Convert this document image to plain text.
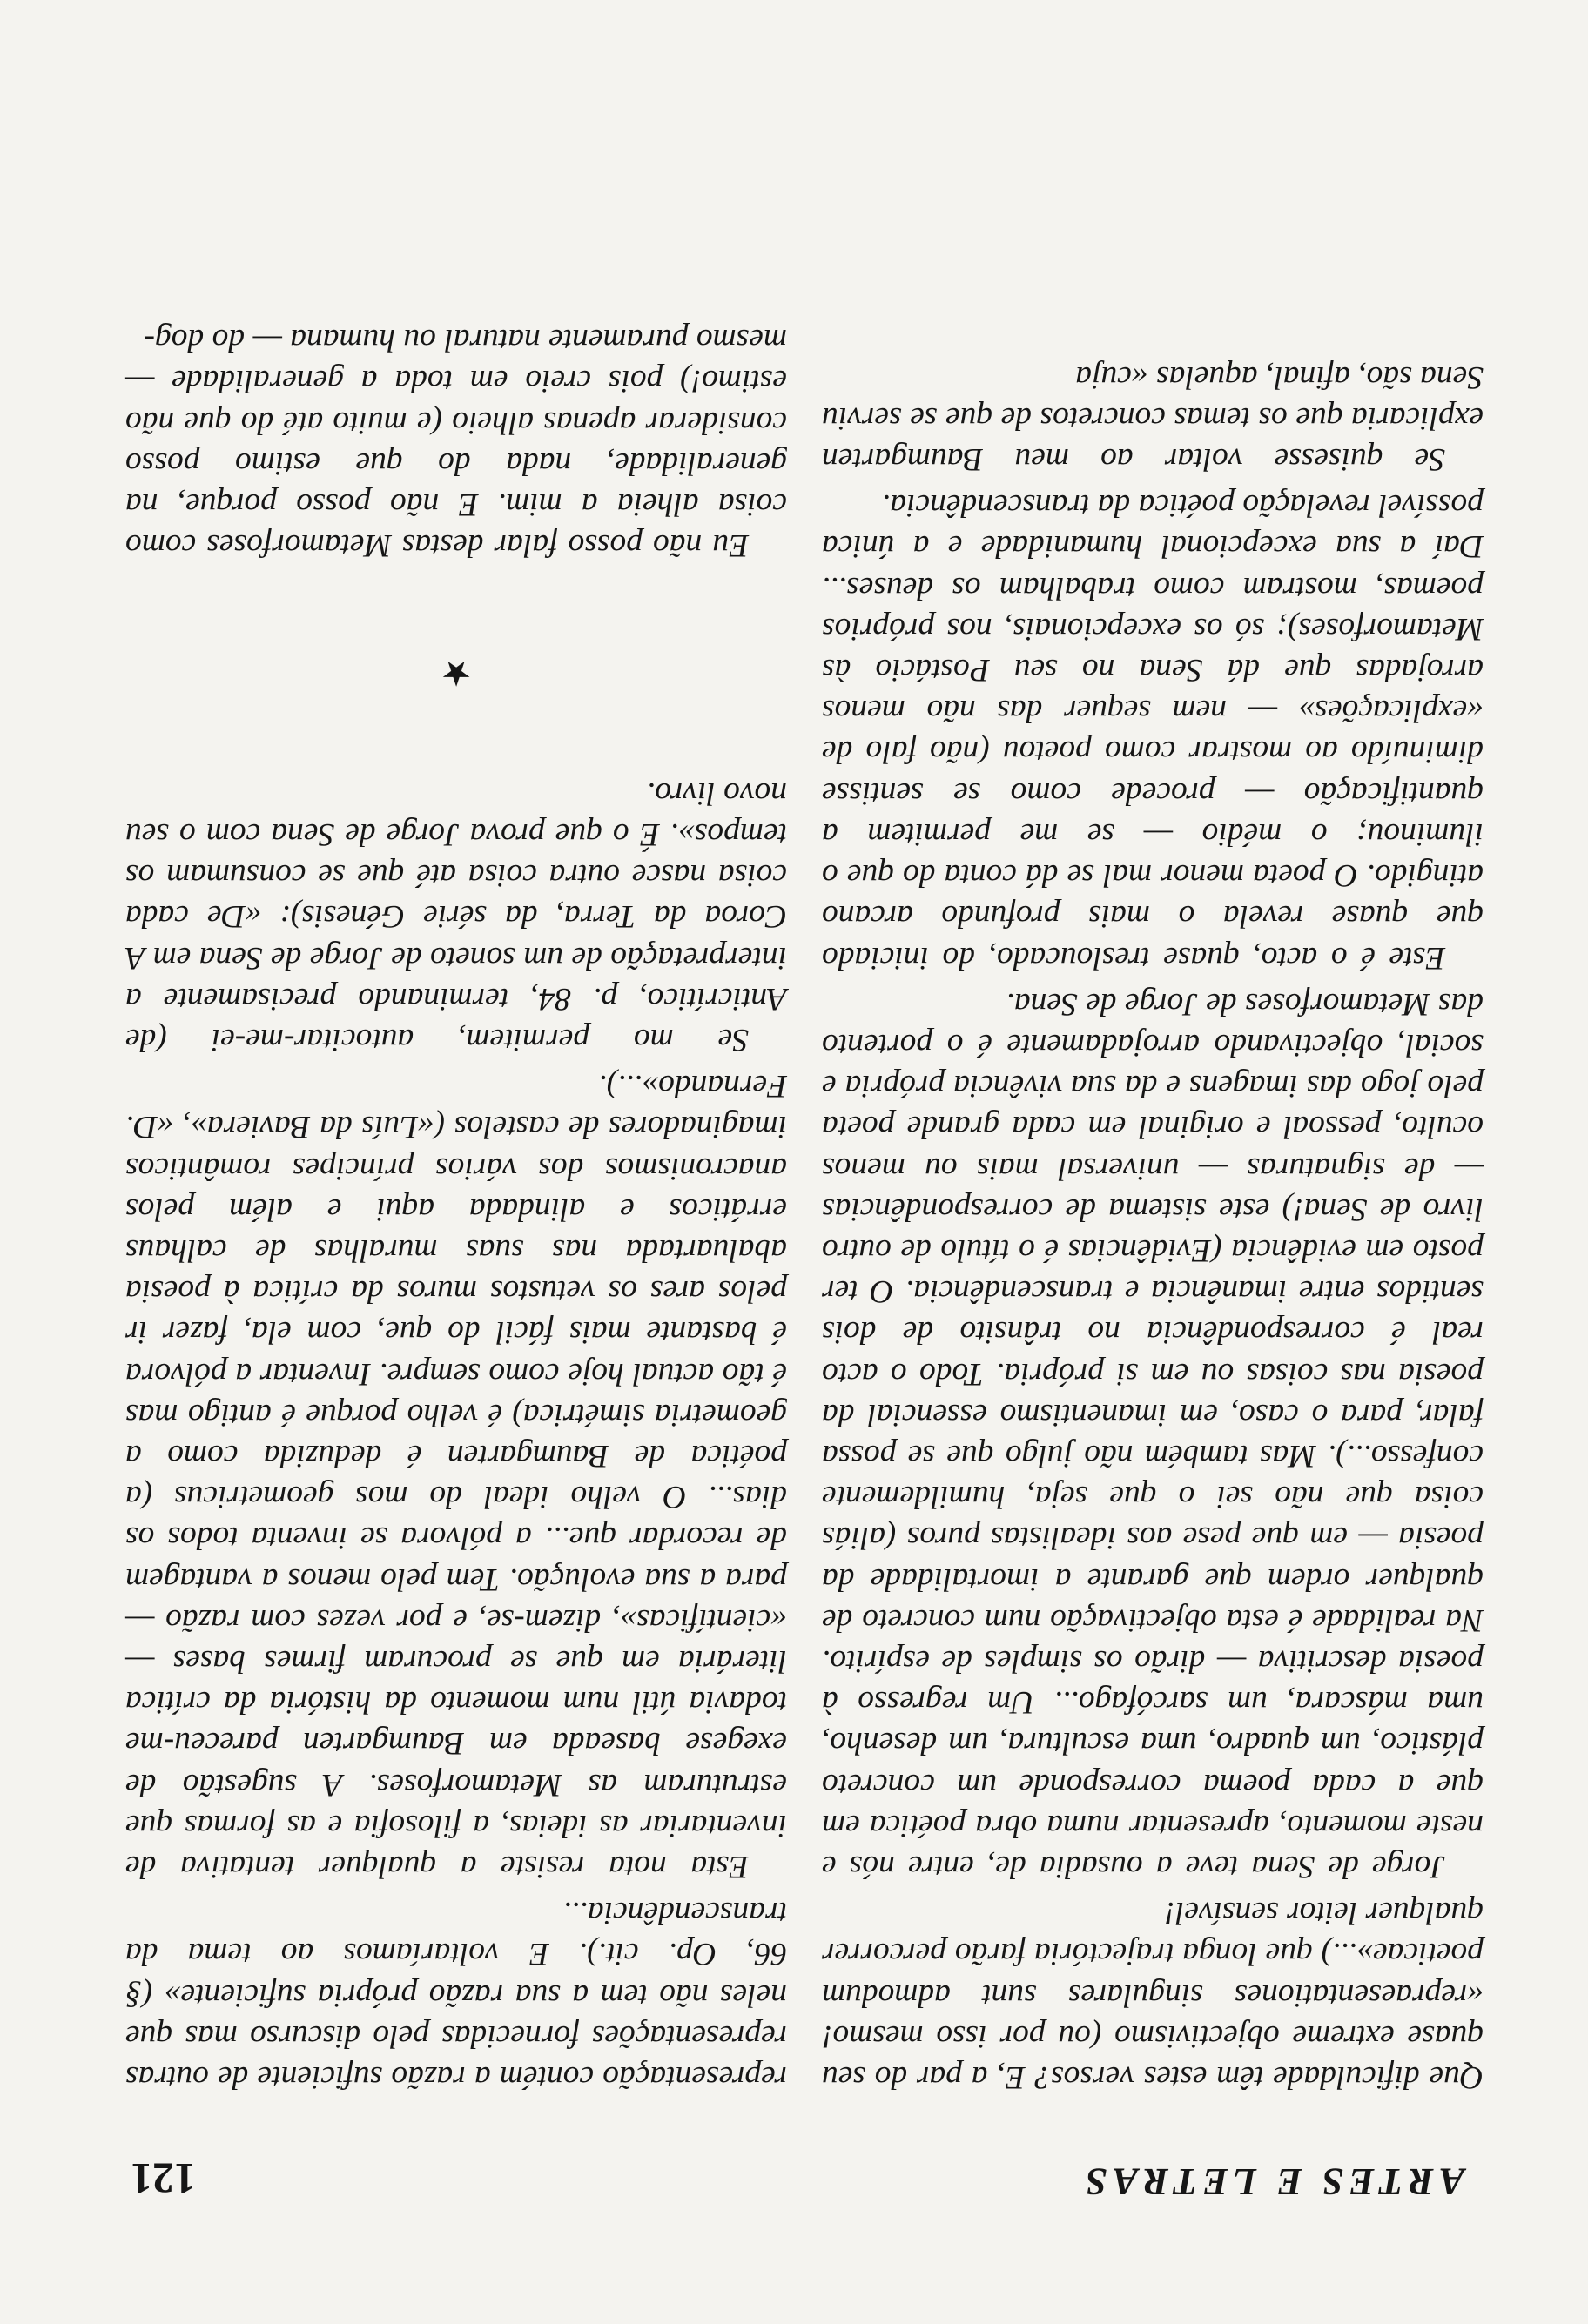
ARTES E LETRAS
121

Que dificuldade têm estes versos? E, a par do seu quase extreme objectivismo (ou por isso mesmo! «repraesentationes singulares sunt admodum poeticae»...) que longa trajectória farão percorrer qualquer leitor sensível!

Jorge de Sena teve a ousadia de, entre nós e neste momento, apresentar numa obra poética em que a cada poema corresponde um concreto plástico, um quadro, uma escultura, um desenho, uma máscara, um sarcófago... Um regresso à poesia descritiva — dirão os simples de espírito. Na realidade é esta objectivação num concreto de qualquer ordem que garante a imortalidade da poesia — em que pese aos idealistas puros (aliás coisa que não sei o que seja, humildemente confesso...). Mas também não julgo que se possa falar, para o caso, em imanentismo essencial da poesia nas coisas ou em si própria. Todo o acto real é correspondência no trânsito de dois sentidos entre imanência e transcendência. O ter posto em evidência (Evidências é o título de outro livro de Sena!) este sistema de correspondências — de signaturas — universal mais ou menos oculto, pessoal e original em cada grande poeta pelo jogo das imagens e da sua vivência própria e social, objectivando arrojadamente é o portento das Metamorfoses de Jorge de Sena.

Este é o acto, quase tresloucado, do iniciado que quase revela o mais profundo arcano atingido. O poeta menor mal se dá conta do que o iluminou; o médio — se me permitem a quantificação — procede como se sentisse diminuído ao mostrar como poetou (não falo de «explicações» — nem sequer das não menos arrojadas que dá Sena no seu Postácio às Metamorfoses); só os excepcionais, nos próprios poemas, mostram como trabalham os deuses... Daí a sua excepcional humanidade e a única possível revelação poética da transcendência.

Se quisesse voltar ao meu Baumgarten explicaria que os temas concretos de que se serviu Sena são, afinal, aquelas «cuja

representação contém a razão suficiente de outras representações fornecidas pelo discurso mas que neles não tem a sua razão própria suficiente» (§ 66, Op. cit.). E voltaríamos ao tema da transcendência...

Esta nota resiste a qualquer tentativa de inventariar as ideias, a filosofia e as formas que estruturam as Metamorfoses. A sugestão de exegese baseada em Baumgarten pareceu-me todavia útil num momento da história da crítica literária em que se procuram firmes bases — «científicas», dizem-se, e por vezes com razão — para a sua evolução. Tem pelo menos a vantagem de recordar que... a pólvora se inventa todos os dias... O velho ideal do mos geometricus (a poética de Baumgarten é deduzida como a geometria simétrica) é velho porque é antigo mas é tão actual hoje como sempre. Inventar a pólvora é bastante mais fácil do que, com ela, fazer ir pelos ares os vetustos muros da crítica à poesia abaluartada nas suas muralhas de calhaus erráticos e alindada aqui e além pelos anacronismos dos vários príncipes românticos imaginadores de castelos («Luís da Baviera», «D. Fernando»...).

Se mo permitem, autocitar-me-ei (de Anticrítico, p. 84, terminando precisamente a interpretação de um soneto de Jorge de Sena em A Coroa da Terra, da série Génesis): «De cada coisa nasce outra coisa até que se consumam os tempos». É o que prova Jorge de Sena com o seu novo livro.

★

Eu não posso falar destas Metamorfoses como coisa alheia a mim. E não posso porque, na generalidade, nada do que estimo posso considerar apenas alheio (e muito até do que não estimo!) pois creio em toda a generalidade — mesmo puramente natural ou humana — do dog-
